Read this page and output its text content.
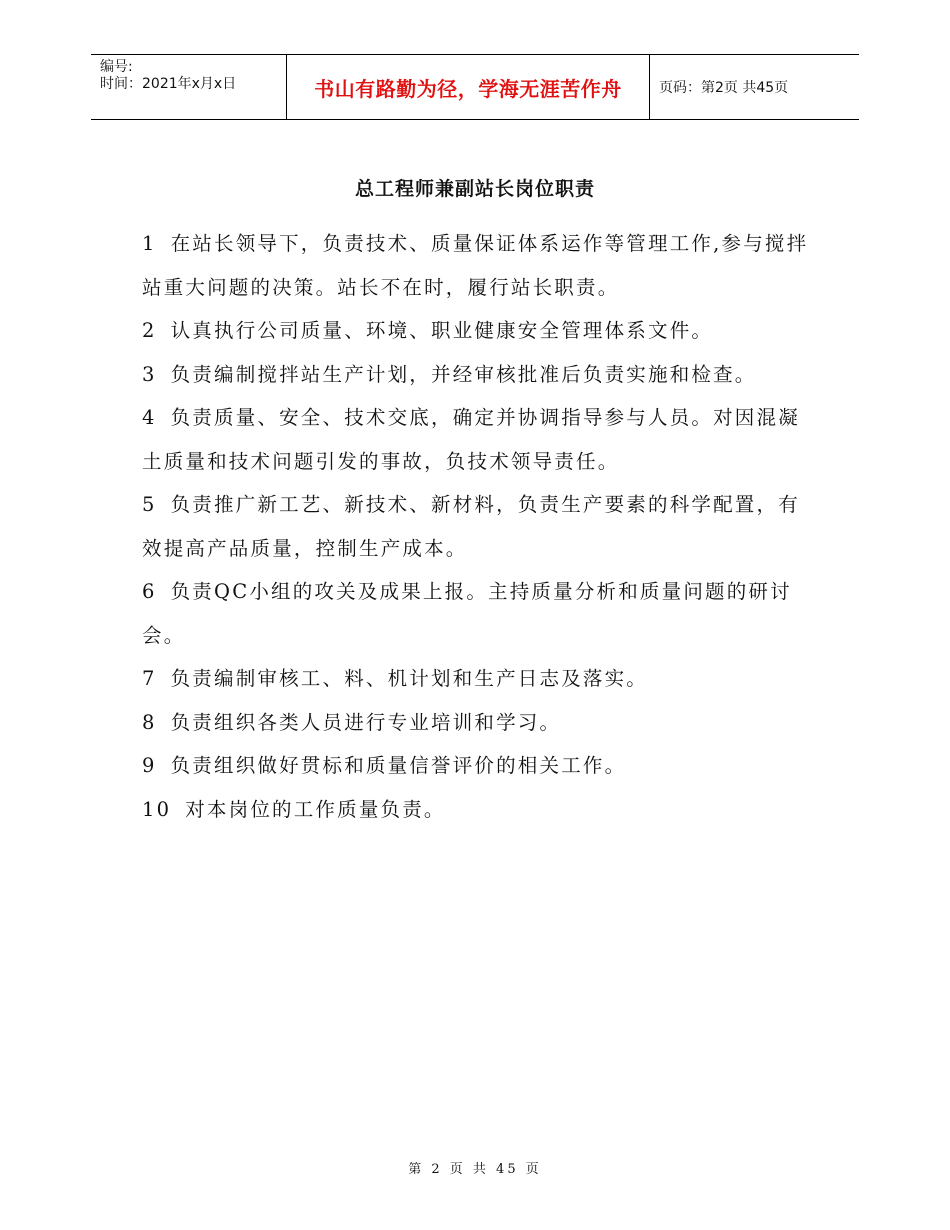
编号:
时间：2021年x月x日	书山有路勤为径，学海无涯苦作舟	页码：第2页 共45页
总工程师兼副站长岗位职责

1 在站长领导下，负责技术、质量保证体系运作等管理工作,参与搅拌站重大问题的决策。站长不在时，履行站长职责。

2 认真执行公司质量、环境、职业健康安全管理体系文件。

3 负责编制搅拌站生产计划，并经审核批准后负责实施和检查。

4 负责质量、安全、技术交底，确定并协调指导参与人员。对因混凝土质量和技术问题引发的事故，负技术领导责任。

5 负责推广新工艺、新技术、新材料，负责生产要素的科学配置，有效提高产品质量，控制生产成本。

6 负责QC小组的攻关及成果上报。主持质量分析和质量问题的研讨会。

7 负责编制审核工、料、机计划和生产日志及落实。

8 负责组织各类人员进行专业培训和学习。

9 负责组织做好贯标和质量信誉评价的相关工作。

10 对本岗位的工作质量负责。

第 2 页 共 45 页
